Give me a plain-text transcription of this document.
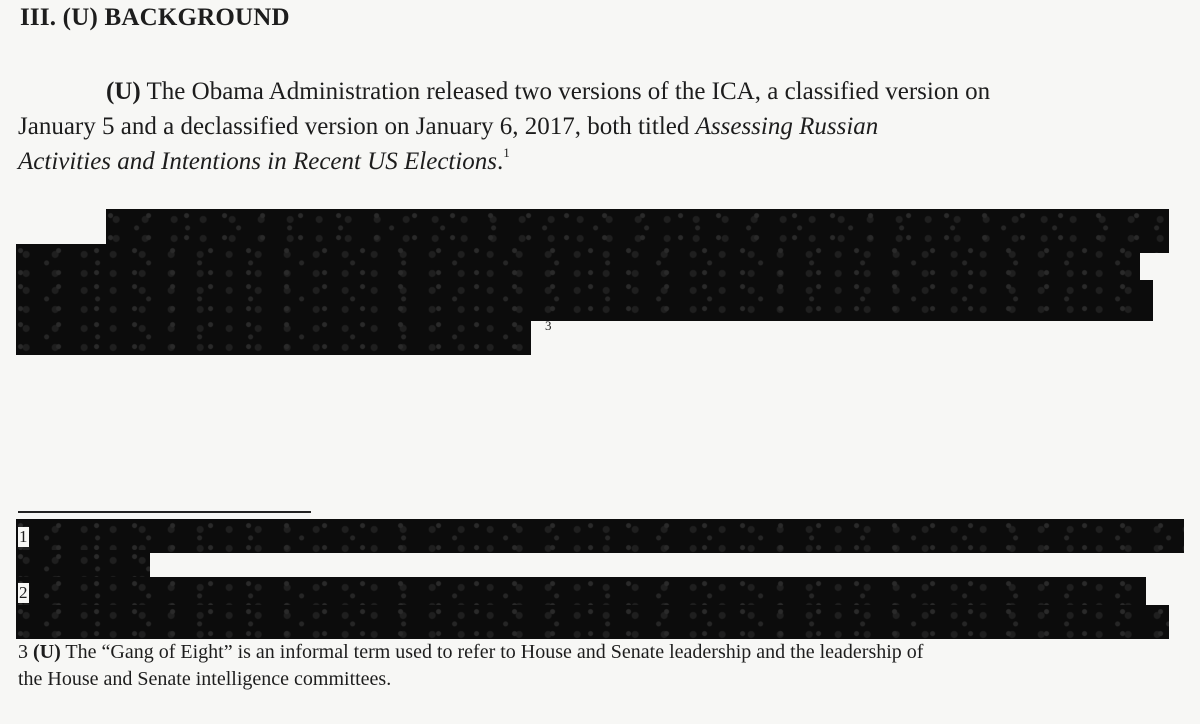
III. (U) BACKGROUND
(U) The Obama Administration released two versions of the ICA, a classified version on
January 5 and a declassified version on January 6, 2017, both titled Assessing Russian
Activities and Intentions in Recent US Elections.$^1$
3
1
2
3 (U) The “Gang of Eight” is an informal term used to refer to House and Senate leadership and the leadership of
the House and Senate intelligence committees.
